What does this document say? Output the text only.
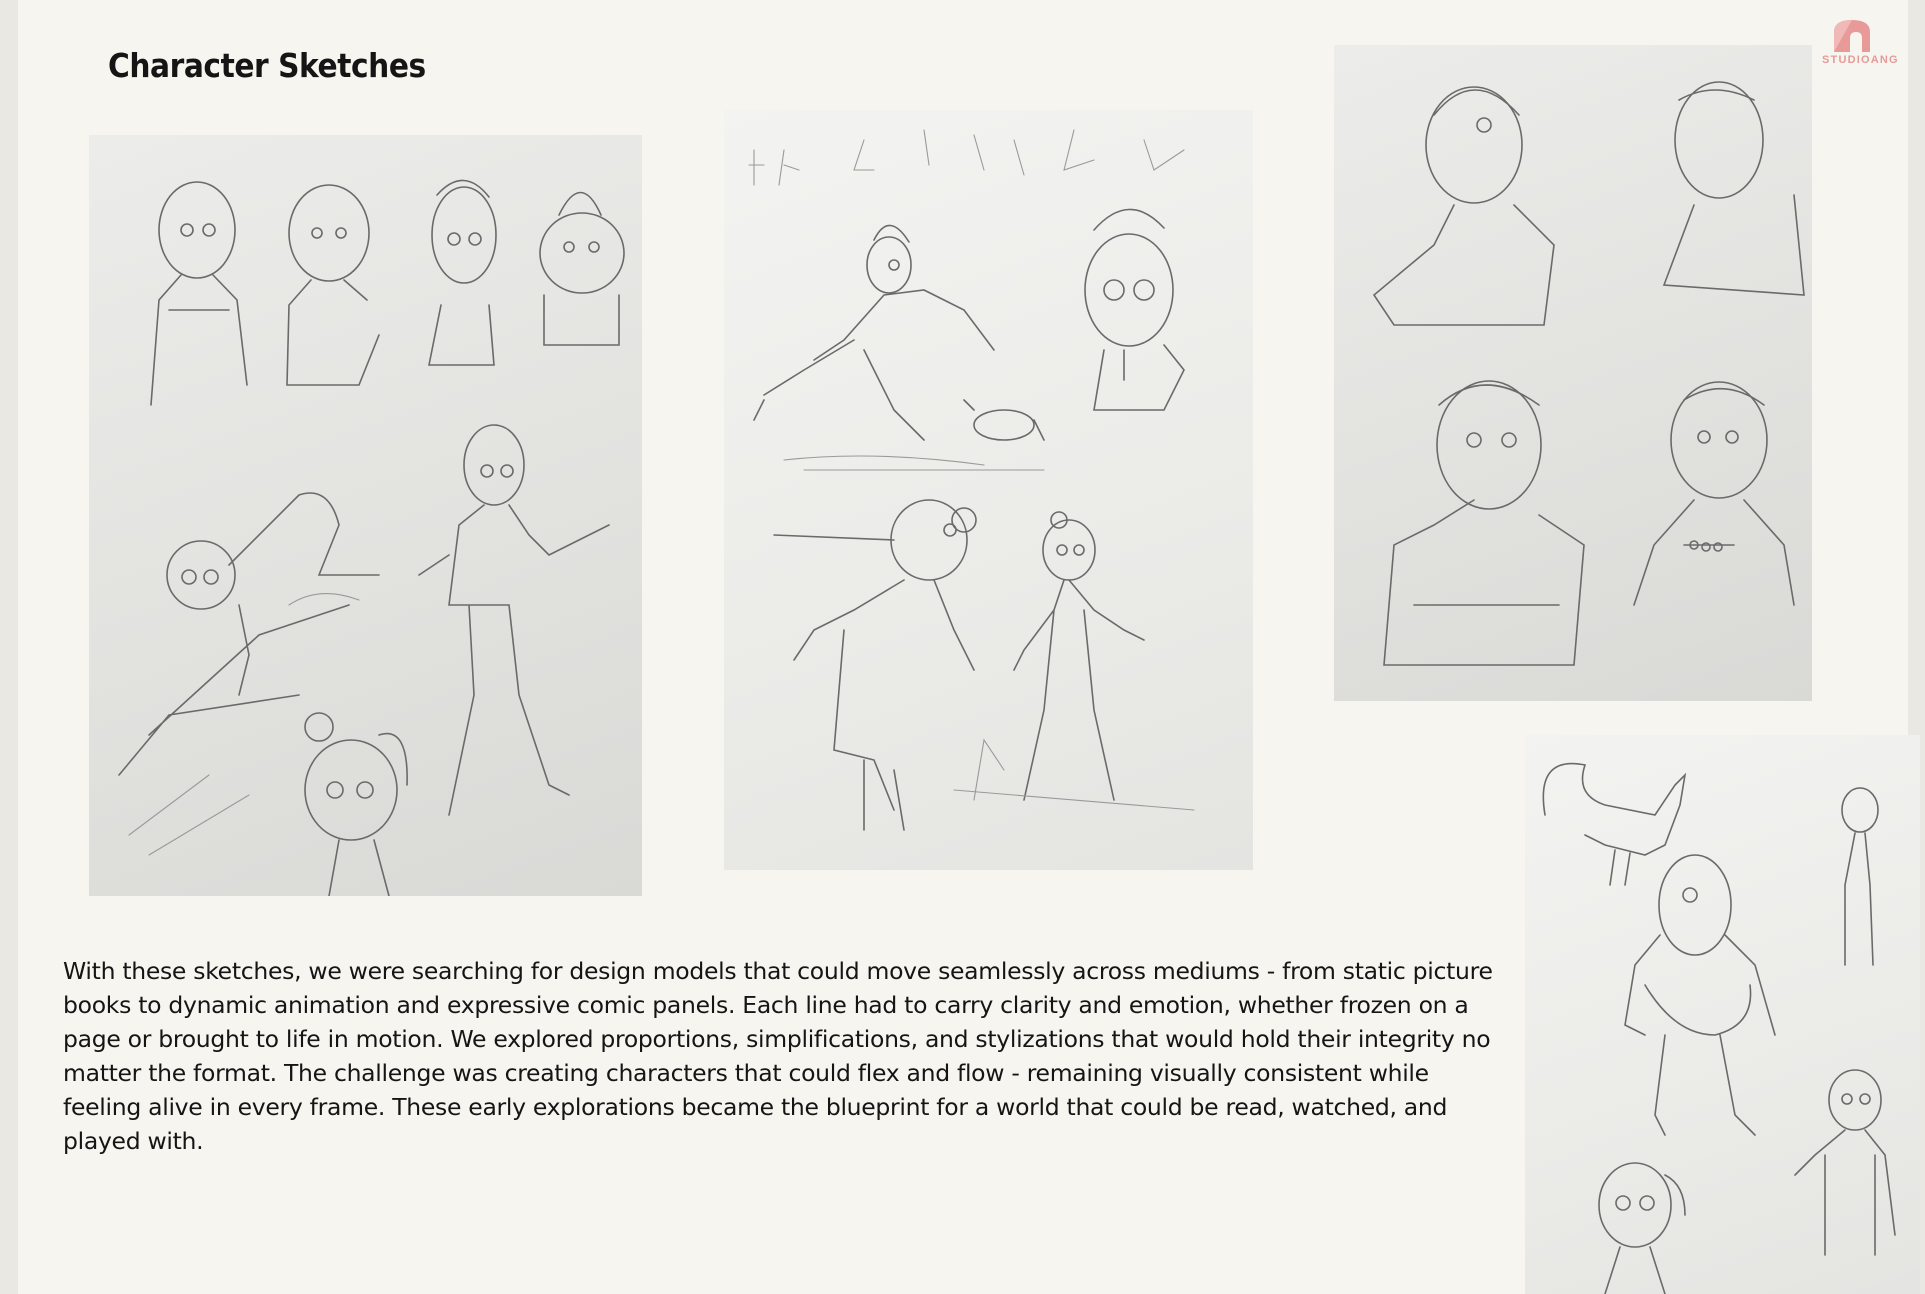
Character Sketches	STUDIOANG
With these sketches, we were searching for design models that could move seamlessly across mediums - from static picture books to dynamic animation and expressive comic panels. Each line had to carry clarity and emotion, whether frozen on a page or brought to life in motion. We explored proportions, simplifications, and stylizations that would hold their integrity no matter the format. The challenge was creating characters that could flex and flow - remaining visually consistent while feeling alive in every frame. These early explorations became the blueprint for a world that could be read, watched, and played with.
